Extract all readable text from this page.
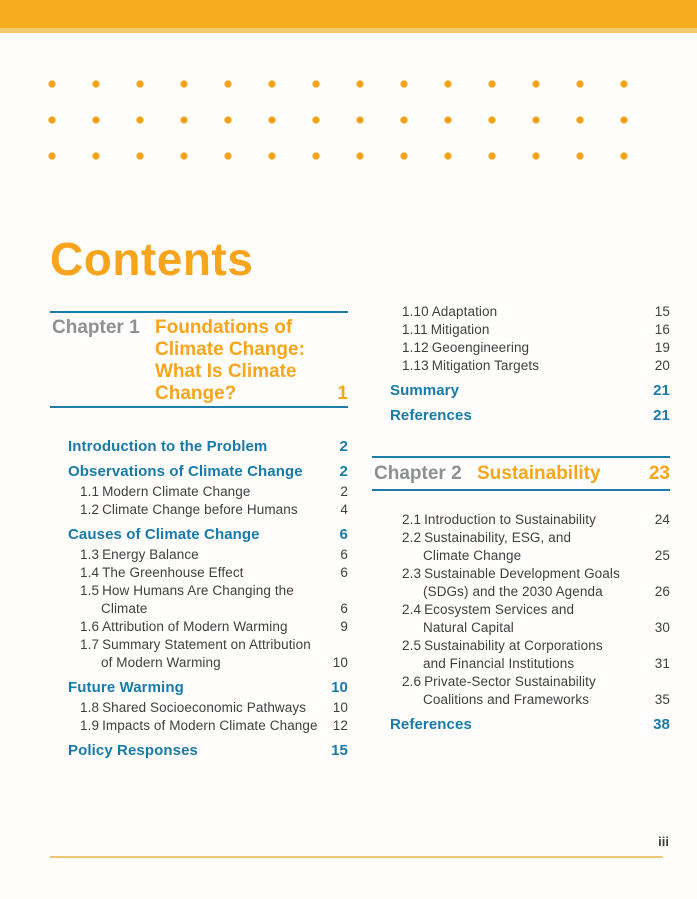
Contents
Chapter 1 Foundations of
Climate Change:
What Is Climate
Change?	1
Introduction to the Problem	2
Observations of Climate Change 2
1.1 Modern Climate Change	2
1.2 Climate Change before Humans	4
Causes of Climate Change	6
1.3 Energy Balance	6
1.4 The Greenhouse Effect	6
1.5 How Humans Are Changing the
Climate	6
1.6 Attribution of Modern Warming	9
1.7 Summary Statement on Attribution
of Modern Warming	10
Future Warming	10
1.8 Shared Socioeconomic Pathways 10
1.9 Impacts of Modern Climate Change 12
Policy Responses	15
1.10 Adaptation	15
1.11 Mitigation	16
1.12 Geoengineering	19
1.13 Mitigation Targets	20
Summary	21
References	21
Chapter 2 Sustainability	23
2.1 Introduction to Sustainability	24
2.2 Sustainability, ESG, and
Climate Change	25
2.3 Sustainable Development Goals
(SDGs) and the 2030 Agenda	26
2.4 Ecosystem Services and
Natural Capital	30
2.5 Sustainability at Corporations
and Financial Institutions	31
2.6 Private-Sector Sustainability
Coalitions and Frameworks	35
References	38
iii
